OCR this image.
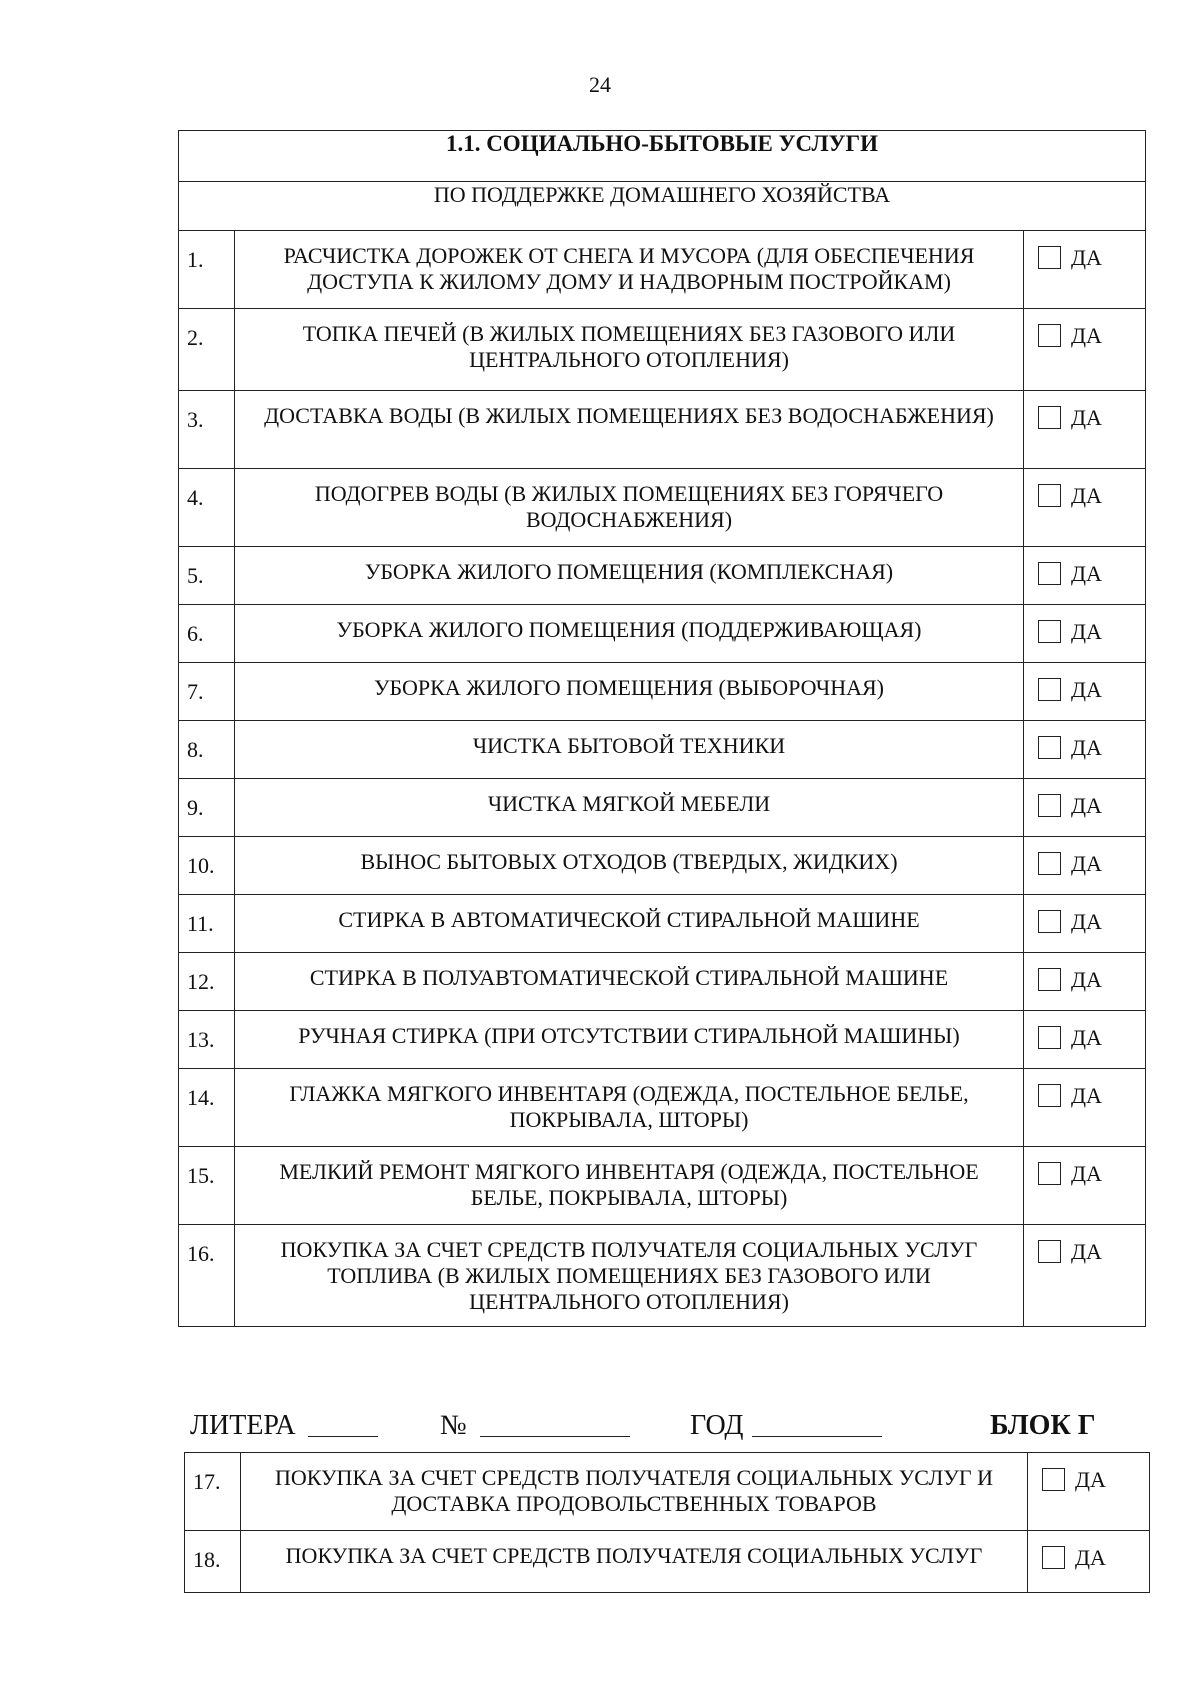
24
1.1. СОЦИАЛЬНО-БЫТОВЫЕ УСЛУГИ		
ПО ПОДДЕРЖКЕ ДОМАШНЕГО ХОЗЯЙСТВА		
1.	РАСЧИСТКА ДОРОЖЕК ОТ СНЕГА И МУСОРА (ДЛЯ ОБЕСПЕЧЕНИЯ ДОСТУПА К ЖИЛОМУ ДОМУ И НАДВОРНЫМ ПОСТРОЙКАМ)	ДА
2.	ТОПКА ПЕЧЕЙ (В ЖИЛЫХ ПОМЕЩЕНИЯХ БЕЗ ГАЗОВОГО ИЛИ ЦЕНТРАЛЬНОГО ОТОПЛЕНИЯ)	ДА
3.	ДОСТАВКА ВОДЫ (В ЖИЛЫХ ПОМЕЩЕНИЯХ БЕЗ ВОДОСНАБЖЕНИЯ)	ДА
4.	ПОДОГРЕВ ВОДЫ (В ЖИЛЫХ ПОМЕЩЕНИЯХ БЕЗ ГОРЯЧЕГО ВОДОСНАБЖЕНИЯ)	ДА
5.	УБОРКА ЖИЛОГО ПОМЕЩЕНИЯ (КОМПЛЕКСНАЯ)	ДА
6.	УБОРКА ЖИЛОГО ПОМЕЩЕНИЯ (ПОДДЕРЖИВАЮЩАЯ)	ДА
7.	УБОРКА ЖИЛОГО ПОМЕЩЕНИЯ (ВЫБОРОЧНАЯ)	ДА
8.	ЧИСТКА БЫТОВОЙ ТЕХНИКИ	ДА
9.	ЧИСТКА МЯГКОЙ МЕБЕЛИ	ДА
10.	ВЫНОС БЫТОВЫХ ОТХОДОВ (ТВЕРДЫХ, ЖИДКИХ)	ДА
11.	СТИРКА В АВТОМАТИЧЕСКОЙ СТИРАЛЬНОЙ МАШИНЕ	ДА
12.	СТИРКА В ПОЛУАВТОМАТИЧЕСКОЙ СТИРАЛЬНОЙ МАШИНЕ	ДА
13.	РУЧНАЯ СТИРКА (ПРИ ОТСУТСТВИИ СТИРАЛЬНОЙ МАШИНЫ)	ДА
14.	ГЛАЖКА МЯГКОГО ИНВЕНТАРЯ (ОДЕЖДА, ПОСТЕЛЬНОЕ БЕЛЬЕ, ПОКРЫВАЛА, ШТОРЫ)	ДА
15.	МЕЛКИЙ РЕМОНТ МЯГКОГО ИНВЕНТАРЯ (ОДЕЖДА, ПОСТЕЛЬНОЕ БЕЛЬЕ, ПОКРЫВАЛА, ШТОРЫ)	ДА
16.	ПОКУПКА ЗА СЧЕТ СРЕДСТВ ПОЛУЧАТЕЛЯ СОЦИАЛЬНЫХ УСЛУГ ТОПЛИВА (В ЖИЛЫХ ПОМЕЩЕНИЯХ БЕЗ ГАЗОВОГО ИЛИ ЦЕНТРАЛЬНОГО ОТОПЛЕНИЯ)	ДА
ЛИТЕРА	№	ГОД	БЛОК Г
17.	ПОКУПКА ЗА СЧЕТ СРЕДСТВ ПОЛУЧАТЕЛЯ СОЦИАЛЬНЫХ УСЛУГ И ДОСТАВКА ПРОДОВОЛЬСТВЕННЫХ ТОВАРОВ	ДА
18.	ПОКУПКА ЗА СЧЕТ СРЕДСТВ ПОЛУЧАТЕЛЯ СОЦИАЛЬНЫХ УСЛУГ	ДА
